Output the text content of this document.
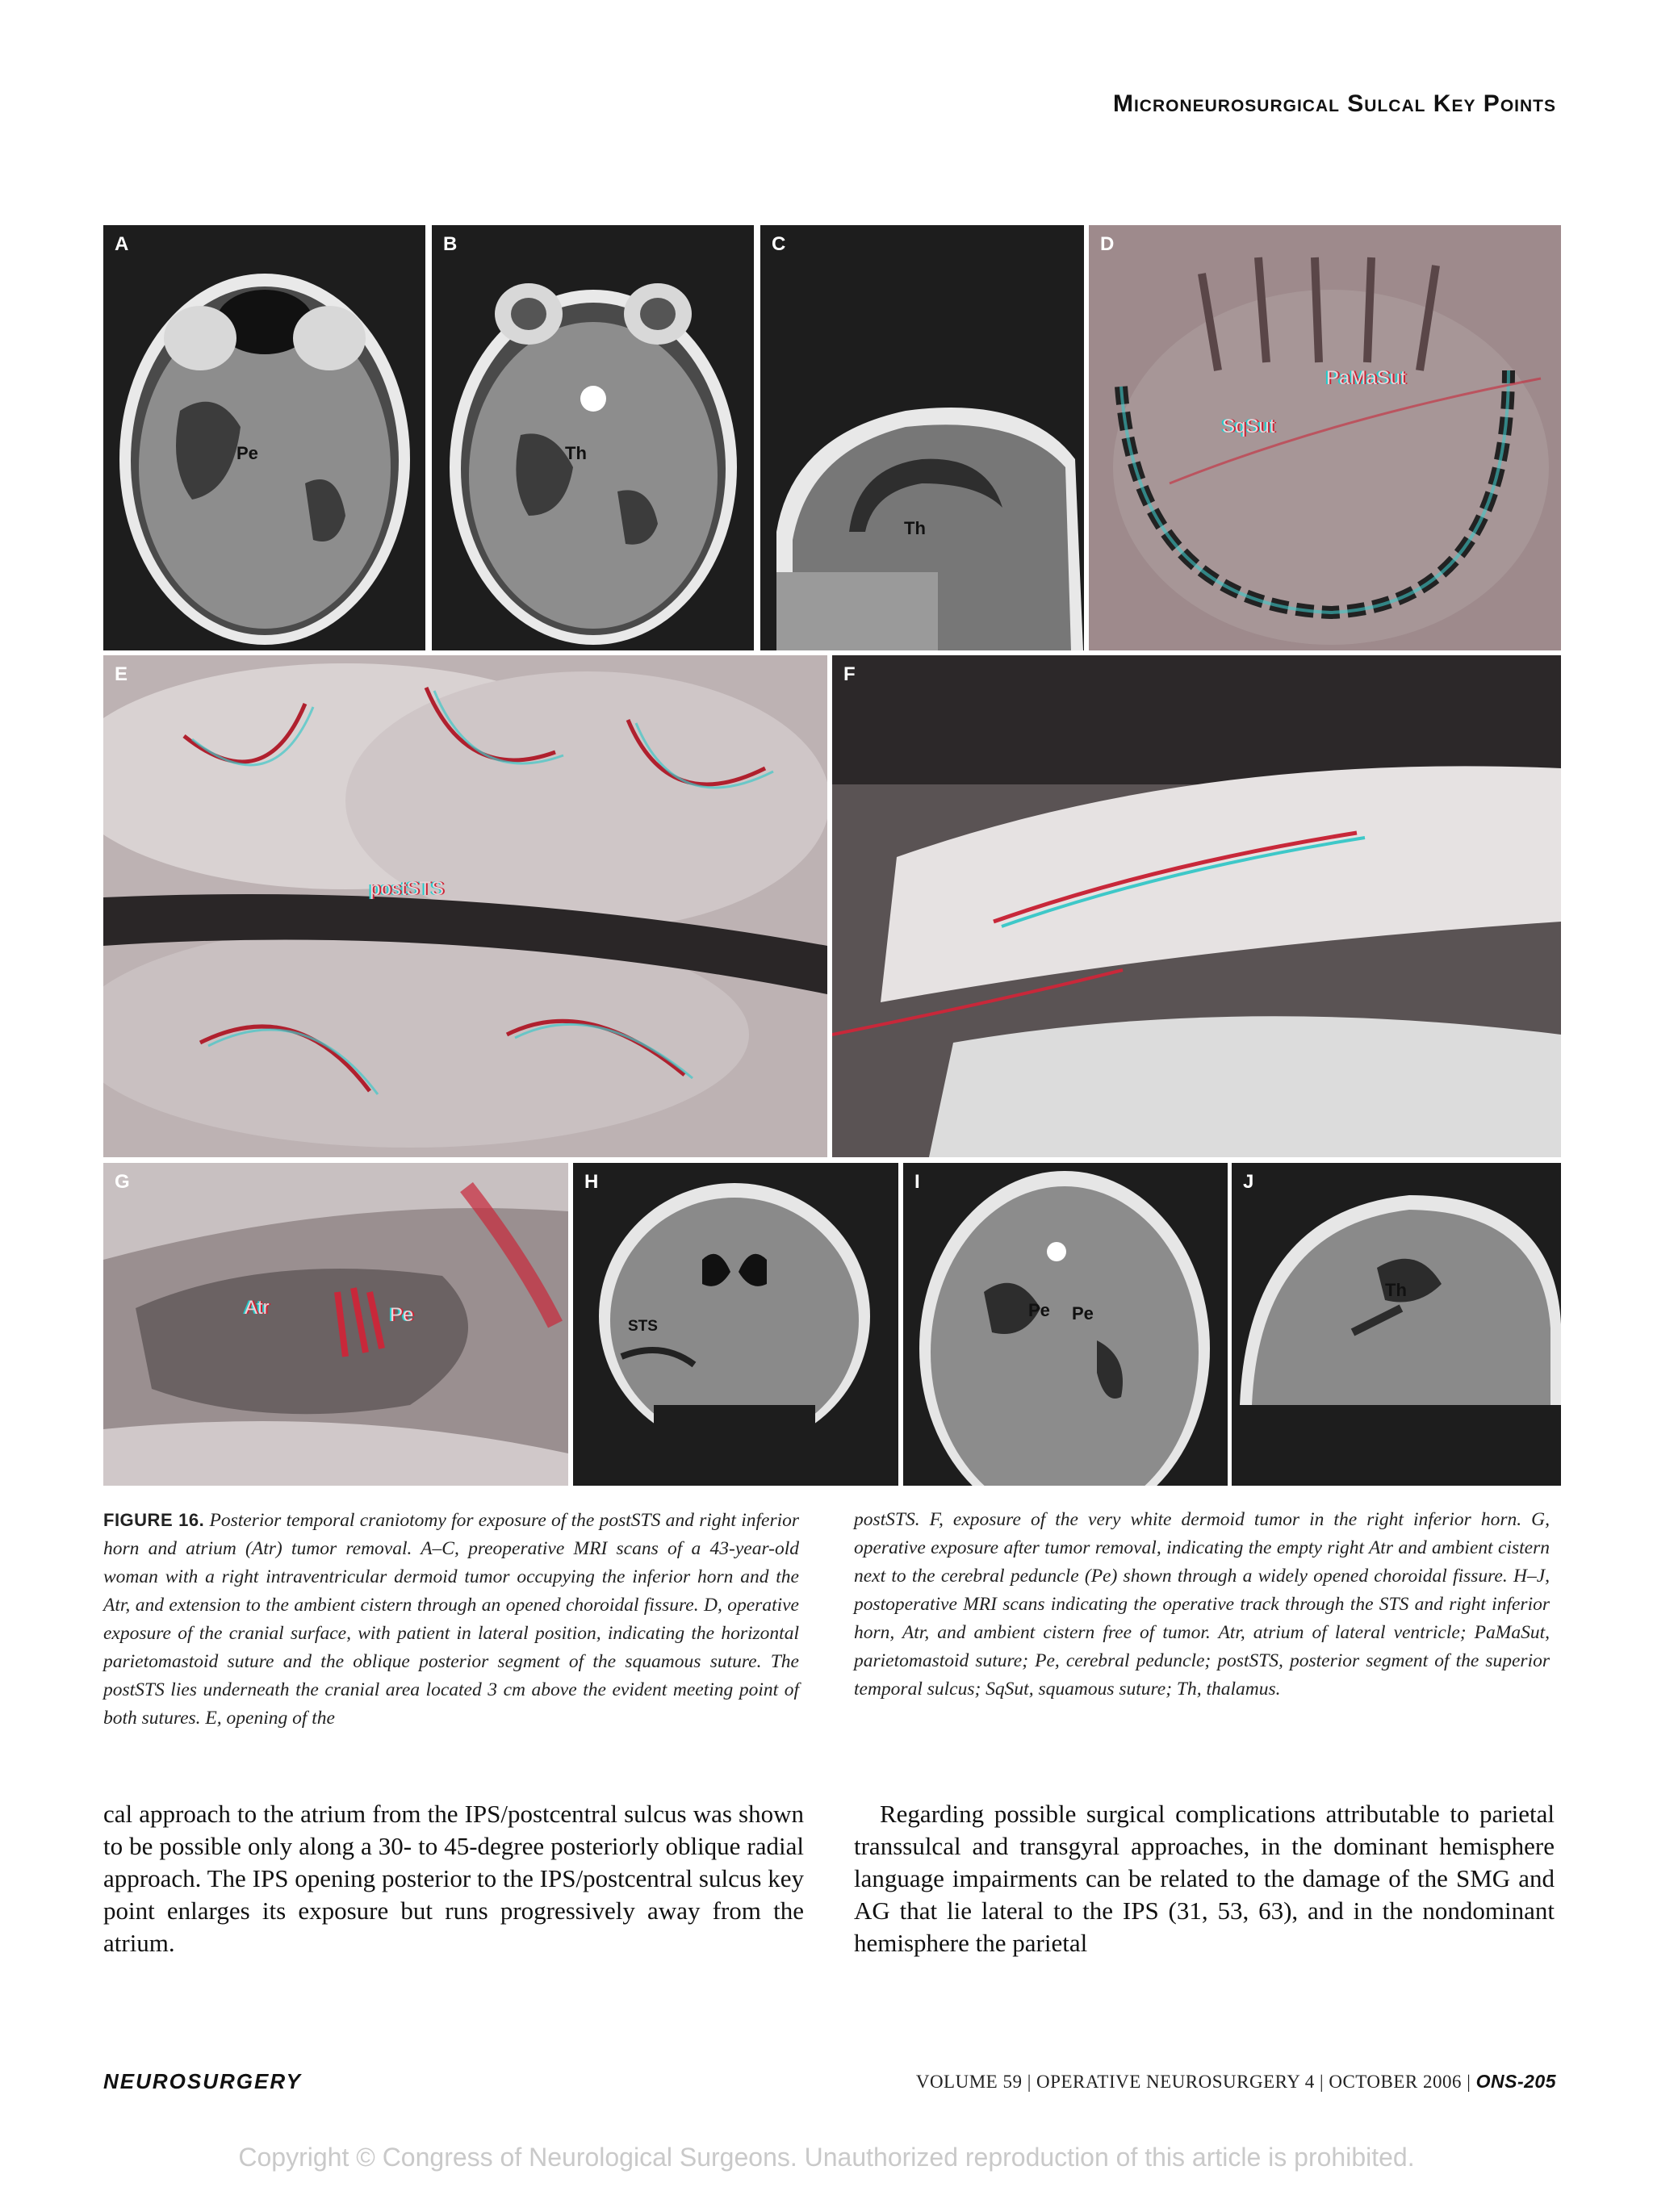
Microneurosurgical Sulcal Key Points
A
Pe
B
Th
C
Th
D
PaMaSut
SqSut
E
postSTS
F
G
Atr	Pe
H
STS
I
Pe Pe
J
Th
FIGURE 16. Posterior temporal craniotomy for exposure of the postSTS and right inferior horn and atrium (Atr) tumor removal. A–C, preoperative MRI scans of a 43-year-old woman with a right intraventricular dermoid tumor occupying the inferior horn and the Atr, and extension to the ambient cistern through an opened choroidal fissure. D, operative exposure of the cranial surface, with patient in lateral position, indicating the horizontal parietomastoid suture and the oblique posterior segment of the squamous suture. The postSTS lies underneath the cranial area located 3 cm above the evident meeting point of both sutures. E, opening of the
postSTS. F, exposure of the very white dermoid tumor in the right inferior horn. G, operative exposure after tumor removal, indicating the empty right Atr and ambient cistern next to the cerebral peduncle (Pe) shown through a widely opened choroidal fissure. H–J, postoperative MRI scans indicating the operative track through the STS and right inferior horn, Atr, and ambient cistern free of tumor. Atr, atrium of lateral ventricle; PaMaSut, parietomastoid suture; Pe, cerebral peduncle; postSTS, posterior segment of the superior temporal sulcus; SqSut, squamous suture; Th, thalamus.
cal approach to the atrium from the IPS/postcentral sulcus was shown to be possible only along a 30- to 45-degree posteriorly oblique radial approach. The IPS opening posterior to the IPS/postcentral sulcus key point enlarges its exposure but runs progressively away from the atrium.
Regarding possible surgical complications attributable to parietal transsulcal and transgyral approaches, in the dominant hemisphere language impairments can be related to the damage of the SMG and AG that lie lateral to the IPS (31, 53, 63), and in the nondominant hemisphere the parietal
NEUROSURGERY	VOLUME 59 | OPERATIVE NEUROSURGERY 4 | OCTOBER 2006 | ONS-205
Copyright © Congress of Neurological Surgeons. Unauthorized reproduction of this article is prohibited.
